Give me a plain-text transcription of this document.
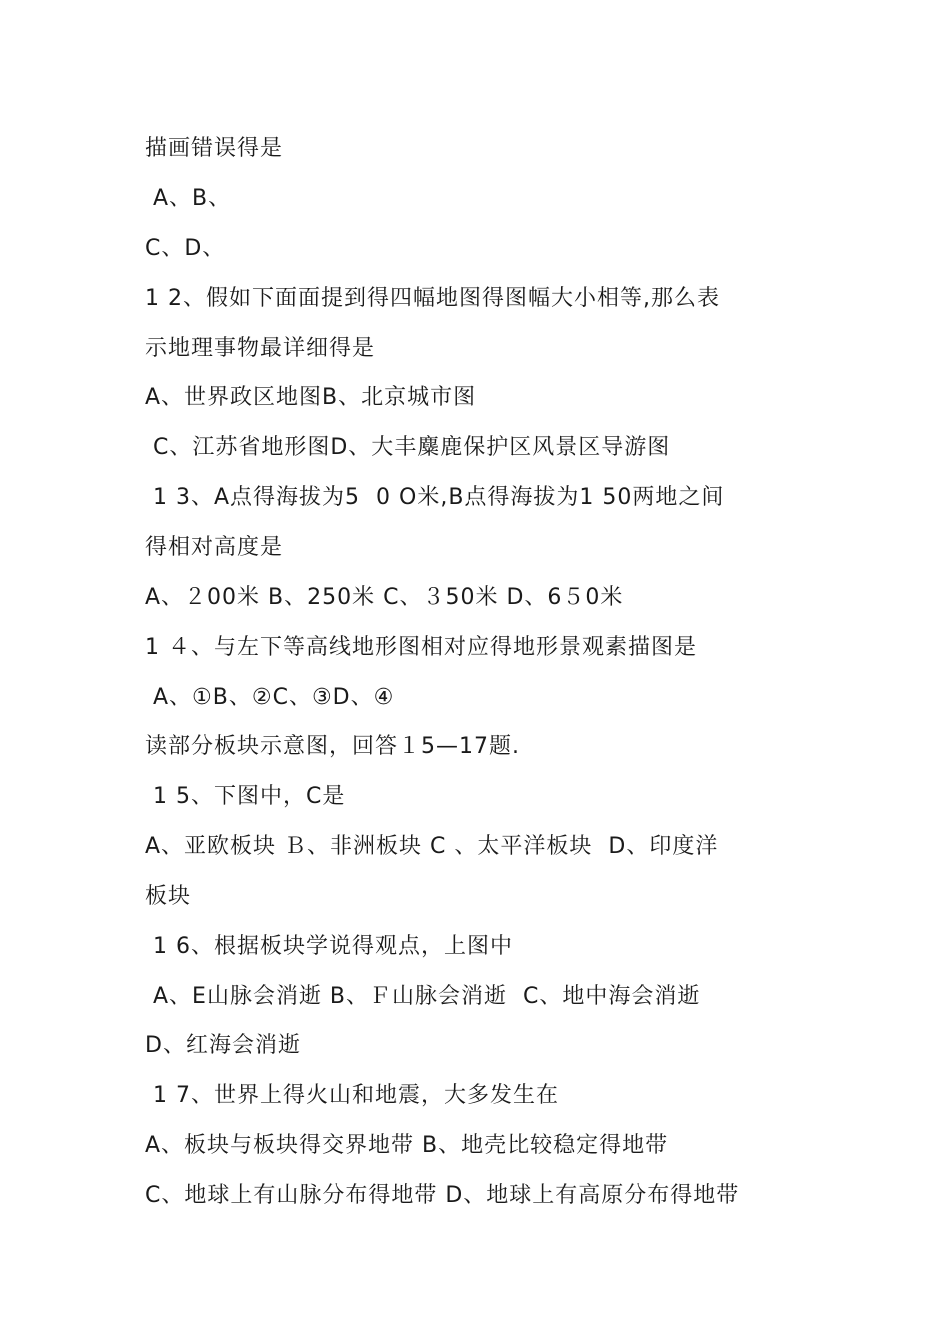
描画错误得是
A、B、
C、D、
1 2、假如下面面提到得四幅地图得图幅大小相等,那么表
示地理事物最详细得是
A、世界政区地图B、北京城市图
C、江苏省地形图D、大丰麋鹿保护区风景区导游图
1 3、A点得海拔为5  0 O米,B点得海拔为1 50两地之间
得相对高度是
A、２00米 B、250米 C、３50米 D、6５0米
1 ４、与左下等高线地形图相对应得地形景观素描图是
A、①B、②C、③D、④
读部分板块示意图，回答１5—17题.
1 5、下图中，C是
A、亚欧板块 Ｂ、非洲板块 C 、太平洋板块  D、印度洋
板块
1 6、根据板块学说得观点，上图中
A、E山脉会消逝 B、Ｆ山脉会消逝  C、地中海会消逝
D、红海会消逝
1 7、世界上得火山和地震，大多发生在
A、板块与板块得交界地带 B、地壳比较稳定得地带
C、地球上有山脉分布得地带 D、地球上有高原分布得地带
